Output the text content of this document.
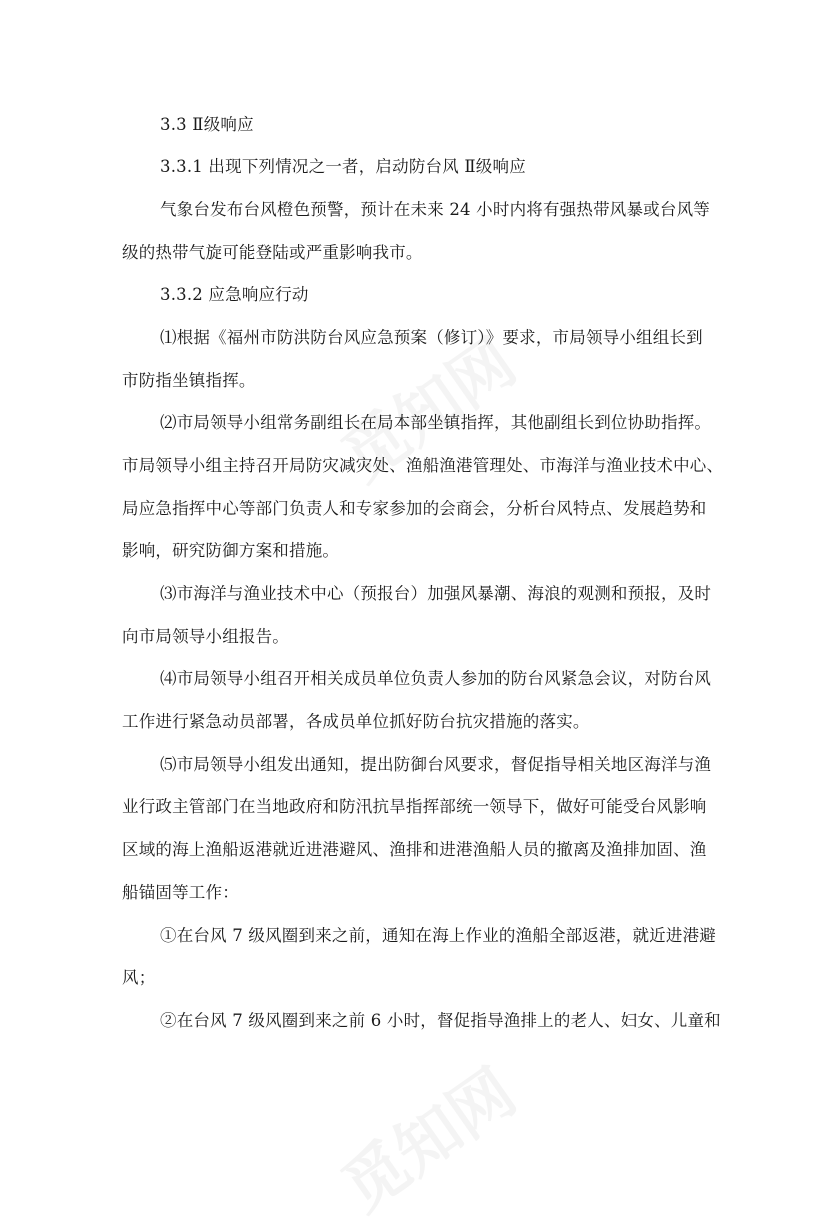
3.3 Ⅱ级响应
3.3.1 出现下列情况之一者，启动防台风 Ⅱ级响应
气象台发布台风橙色预警，预计在未来 24 小时内将有强热带风暴或台风等
级的热带气旋可能登陆或严重影响我市。
3.3.2 应急响应行动
⑴根据《福州市防洪防台风应急预案（修订）》要求，市局领导小组组长到
市防指坐镇指挥。
⑵市局领导小组常务副组长在局本部坐镇指挥，其他副组长到位协助指挥。
市局领导小组主持召开局防灾减灾处、渔船渔港管理处、市海洋与渔业技术中心、
局应急指挥中心等部门负责人和专家参加的会商会，分析台风特点、发展趋势和
影响，研究防御方案和措施。
⑶市海洋与渔业技术中心（预报台）加强风暴潮、海浪的观测和预报，及时
向市局领导小组报告。
⑷市局领导小组召开相关成员单位负责人参加的防台风紧急会议，对防台风
工作进行紧急动员部署，各成员单位抓好防台抗灾措施的落实。
⑸市局领导小组发出通知，提出防御台风要求，督促指导相关地区海洋与渔
业行政主管部门在当地政府和防汛抗旱指挥部统一领导下，做好可能受台风影响
区域的海上渔船返港就近进港避风、渔排和进港渔船人员的撤离及渔排加固、渔
船锚固等工作：
①在台风 7 级风圈到来之前，通知在海上作业的渔船全部返港，就近进港避
风；
②在台风 7 级风圈到来之前 6 小时，督促指导渔排上的老人、妇女、儿童和
